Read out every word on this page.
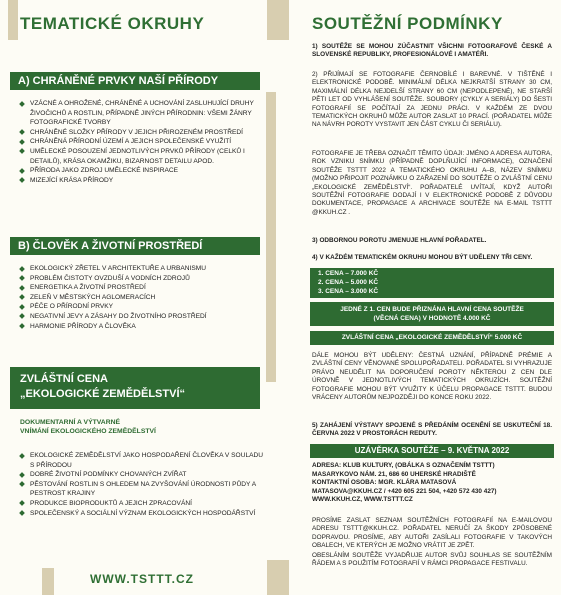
TEMATICKÉ OKRUHY
A) CHRÁNĚNÉ PRVKY NAŠÍ PŘÍRODY
VZÁCNÉ A OHROŽENÉ, CHRÁNĚNÉ A UCHOVÁNÍ ZASLUHUJÍCÍ DRUHY ŽIVOČICHŮ A ROSTLIN, PŘÍPADNĚ JINÝCH PŘÍRODNIN: VŠEMI ŽÁNRY FOTOGRAFICKÉ TVORBY
CHRÁNĚNÉ SLOŽKY PŘÍRODY V JEJICH PŘIROZENÉM PROSTŘEDÍ
CHRÁNĚNÁ PŘÍRODNÍ ÚZEMÍ A JEJICH SPOLEČENSKÉ VYUŽITÍ
UMĚLECKÉ POSOUZENÍ JEDNOTLIVÝCH PRVKŮ PŘÍRODY (CELKŮ I DETAILŮ), KRÁSA OKAMŽIKU, BIZARNOST DETAILU APOD.
PŘÍRODA JAKO ZDROJ UMĚLECKÉ INSPIRACE
MIZEJÍCÍ KRÁSA PŘÍRODY
B) ČLOVĚK A ŽIVOTNÍ PROSTŘEDÍ
EKOLOGICKÝ ZŘETEL V ARCHITEKTUŘE A URBANISMU
PROBLÉM ČISTOTY OVZDUŠÍ A VODNÍCH ZDROJŮ
ENERGETIKA A ŽIVOTNÍ PROSTŘEDÍ
ZELEŇ V MĚSTSKÝCH AGLOMERACÍCH
PÉČE O PŘÍRODNÍ PRVKY
NEGATIVNÍ JEVY A ZÁSAHY DO ŽIVOTNÍHO PROSTŘEDÍ
HARMONIE PŘÍRODY A ČLOVĚKA
ZVLÁŠTNÍ CENA
„EKOLOGICKÉ ZEMĚDĚLSTVÍ“
DOKUMENTARNÍ A VÝTVARNÉ
VNÍMÁNÍ EKOLOGICKÉHO ZEMĚDĚLSTVÍ
EKOLOGICKÉ ZEMĚDĚLSTVÍ JAKO HOSPODAŘENÍ ČLOVĚKA V SOULADU S PŘÍRODOU
DOBRÉ ŽIVOTNÍ PODMÍNKY CHOVANÝCH ZVÍŘAT
PĚSTOVÁNÍ ROSTLIN S OHLEDEM NA ZVYŠOVÁNÍ ÚRODNOSTI PŮDY A PESTROST KRAJINY
PRODUKCE BIOPRODUKTŮ A JEJICH ZPRACOVÁNÍ
SPOLEČENSKÝ A SOCIÁLNÍ VÝZNAM EKOLOGICKÝCH HOSPODÁŘSTVÍ
WWW.TSTTT.CZ
SOUTĚŽNÍ PODMÍNKY
1) SOUTĚŽE SE MOHOU ZÚČASTNIT VŠICHNI FOTOGRAFOVÉ ČESKÉ A SLOVENSKÉ REPUBLIKY, PROFESIONÁLOVÉ I AMATÉŘI.
2) PŘIJÍMAJÍ SE FOTOGRAFIE ČERNOBÍLÉ I BAREVNÉ. V TIŠTĚNÉ I ELEKTRONICKÉ PODOBĚ. MINIMÁLNÍ DÉLKA NEJKRATŠÍ STRANY 30 CM, MAXIMÁLNÍ DÉLKA NEJDELŠÍ STRANY 60 CM (NEPODLEPENÉ), NE STARŠÍ PĚTI LET OD VYHLÁŠENÍ SOUTĚŽE. SOUBORY (CYKLY A SERIÁLY) DO ŠESTI FOTOGRAFIÍ SE POČÍTAJÍ ZA JEDNU PRÁCI. V KAŽDÉM ZE DVOU TEMATICKÝCH OKRUHŮ MŮŽE AUTOR ZASLAT 10 PRACÍ. (POŘADATEL MŮŽE NA NÁVRH POROTY VYSTAVIT JEN ČÁST CYKLU ČI SERIÁLU).
FOTOGRAFIE JE TŘEBA OZNAČIT TĚMITO ÚDAJI: JMÉNO A ADRESA AUTORA, ROK VZNIKU SNÍMKU (PŘÍPADNĚ DOPLŇUJÍCÍ INFORMACE), OZNAČENÍ SOUTĚŽE TSTTT 2022 A TEMATICKÉHO OKRUHU A–B, NÁZEV SNÍMKU (MOŽNO PŘIPOJIT POZNÁMKU O ZAŘAZENÍ DO SOUTĚŽE O ZVLÁŠTNÍ CENU „EKOLOGICKÉ ZEMĚDĚLSTVÍ“. POŘADATELÉ UVÍTAJÍ, KDYŽ AUTOŘI SOUTĚŽNÍ FOTOGRAFIE DODAJÍ I V ELEKTRONICKÉ PODOBĚ Z DŮVODU DOKUMENTACE, PROPAGACE A ARCHIVACE SOUTĚŽE NA E-MAIL TSTTT @KKUH.CZ .
3) ODBORNOU POROTU JMENUJE HLAVNÍ POŘADATEL.
4) V KAŽDÉM TEMATICKÉM OKRUHU MOHOU BÝT UDĚLENY TŘI CENY.
1. CENA – 7.000 KČ
2. CENA – 5.000 KČ
3. CENA – 3.000 KČ
JEDNÉ Z 1. CEN BUDE PŘIZNÁNA HLAVNÍ CENA SOUTĚŽE
(VĚCNÁ CENA) V HODNOTĚ 4.000 KČ
ZVLÁŠTNÍ CENA „EKOLOGICKÉ ZEMĚDĚLSTVÍ“ 5.000 KČ
DÁLE MOHOU BÝT UDĚLENY: ČESTNÁ UZNÁNÍ, PŘÍPADNĚ PRÉMIE A ZVLÁŠTNÍ CENY VĚNOVANÉ SPOLUPOŘADATELI. POŘADATEL SI VYHRAZUJE PRÁVO NEUDĚLIT NA DOPORUČENÍ POROTY NĚKTEROU Z CEN DLE ÚROVNĚ V JEDNOTLIVÝCH TEMATICKÝCH OKRUZÍCH. SOUTĚŽNÍ FOTOGRAFIE MOHOU BÝT VYUŽITY K ÚČELU PROPAGACE TSTTT. BUDOU VRÁCENY AUTORŮM NEJPOZDĚJI DO KONCE ROKU 2022.
5) ZAHÁJENÍ VÝSTAVY SPOJENÉ S PŘEDÁNÍM OCENĚNÍ SE USKUTEČNÍ 18. ČERVNA 2022 V PROSTORÁCH REDUTY.
UZÁVĚRKA SOUTĚŽE – 9. KVĚTNA 2022
ADRESA: KLUB KULTURY, (OBÁLKA S OZNAČENÍM TSTTT)
MASARYKOVO NÁM. 21, 686 60 UHERSKÉ HRADIŠTĚ
KONTAKTNÍ OSOBA: MGR. KLÁRA MATASOVÁ
MATASOVA@KKUH.CZ / +420 605 221 504, +420 572 430 427)
WWW.KKUH.CZ, WWW.TSTTT.CZ
PROSÍME ZASLAT SEZNAM SOUTĚŽNÍCH FOTOGRAFIÍ NA E-MAILOVOU ADRESU TSTTT@KKUH.CZ. POŘADATEL NERUČÍ ZA ŠKODY ZPŮSOBENÉ DOPRAVOU. PROSÍME, ABY AUTOŘI ZASÍLALI FOTOGRAFIE V TAKOVÝCH OBALECH, VE KTERÝCH JE MOŽNO VRÁTIT JE ZPĚT.
OBESLÁNÍM SOUTĚŽE VYJADŘUJE AUTOR SVŮJ SOUHLAS SE SOUTĚŽNÍM ŘÁDEM A S POUŽITÍM FOTOGRAFIÍ V RÁMCI PROPAGACE FESTIVALU.
